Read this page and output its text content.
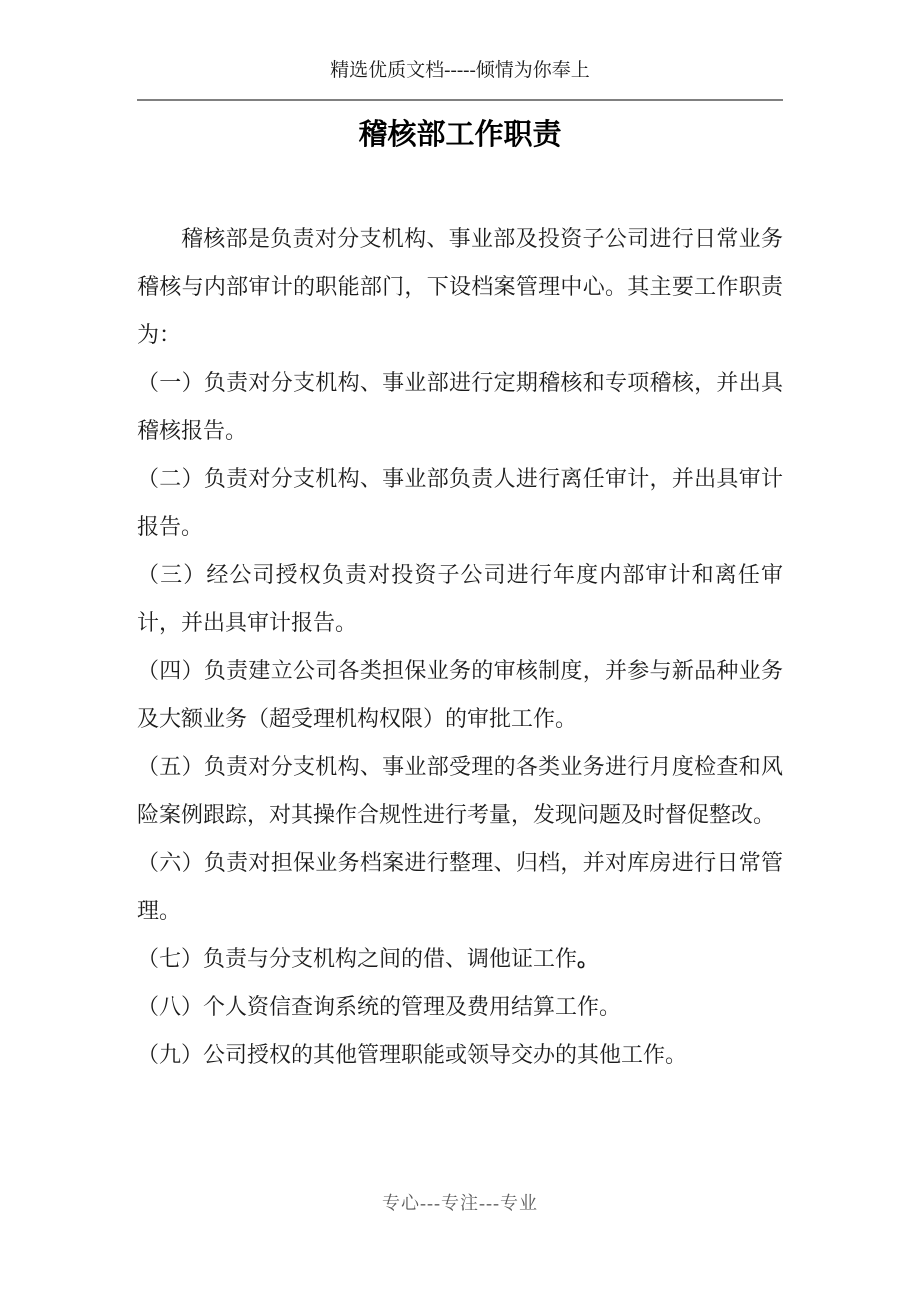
精选优质文档-----倾情为你奉上
稽核部工作职责

稽核部是负责对分支机构、事业部及投资子公司进行日常业务稽核与内部审计的职能部门，下设档案管理中心。其主要工作职责为：

（一）负责对分支机构、事业部进行定期稽核和专项稽核，并出具稽核报告。

（二）负责对分支机构、事业部负责人进行离任审计，并出具审计报告。

（三）经公司授权负责对投资子公司进行年度内部审计和离任审计，并出具审计报告。

（四）负责建立公司各类担保业务的审核制度，并参与新品种业务及大额业务（超受理机构权限）的审批工作。

（五）负责对分支机构、事业部受理的各类业务进行月度检查和风险案例跟踪，对其操作合规性进行考量，发现问题及时督促整改。

（六）负责对担保业务档案进行整理、归档，并对库房进行日常管理。

（七）负责与分支机构之间的借、调他证工作。

（八）个人资信查询系统的管理及费用结算工作。

（九）公司授权的其他管理职能或领导交办的其他工作。

专心---专注---专业
